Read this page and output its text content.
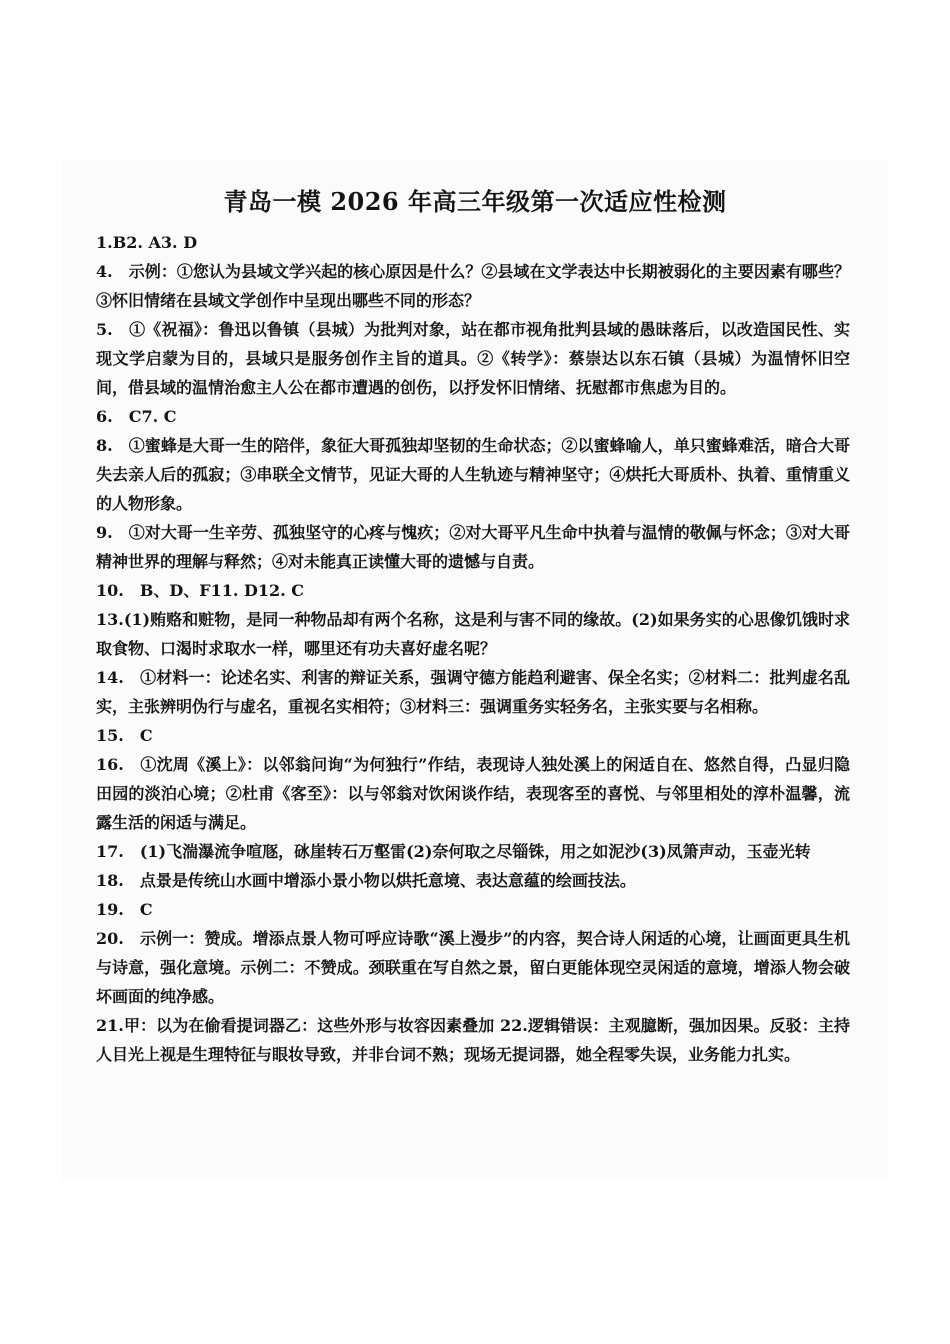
青岛一模 2026 年高三年级第一次适应性检测

1.B2. A3. D

4.　示例：①您认为县域文学兴起的核心原因是什么？②县域在文学表达中长期被弱化的主要因素有哪些？③怀旧情绪在县域文学创作中呈现出哪些不同的形态？

5.　①《祝福》：鲁迅以鲁镇（县城）为批判对象，站在都市视角批判县域的愚昧落后，以改造国民性、实现文学启蒙为目的，县域只是服务创作主旨的道具。②《转学》：蔡崇达以东石镇（县城）为温情怀旧空间，借县域的温情治愈主人公在都市遭遇的创伤，以抒发怀旧情绪、抚慰都市焦虑为目的。

6.　C7. C

8.　①蜜蜂是大哥一生的陪伴，象征大哥孤独却坚韧的生命状态；②以蜜蜂喻人，单只蜜蜂难活，暗合大哥失去亲人后的孤寂；③串联全文情节，见证大哥的人生轨迹与精神坚守；④烘托大哥质朴、执着、重情重义的人物形象。

9.　①对大哥一生辛劳、孤独坚守的心疼与愧疚；②对大哥平凡生命中执着与温情的敬佩与怀念；③对大哥精神世界的理解与释然；④对未能真正读懂大哥的遗憾与自责。

10.　B、D、F11. D12. C

13.(1)贿赂和赃物，是同一种物品却有两个名称，这是利与害不同的缘故。(2)如果务实的心思像饥饿时求取食物、口渴时求取水一样，哪里还有功夫喜好虚名呢？

14.　①材料一：论述名实、利害的辩证关系，强调守德方能趋利避害、保全名实；②材料二：批判虚名乱实，主张辨明伪行与虚名，重视名实相符；③材料三：强调重务实轻务名，主张实要与名相称。

15.　C

16.　①沈周《溪上》：以邻翁问询“为何独行”作结，表现诗人独处溪上的闲适自在、悠然自得，凸显归隐田园的淡泊心境；②杜甫《客至》：以与邻翁对饮闲谈作结，表现客至的喜悦、与邻里相处的淳朴温馨，流露生活的闲适与满足。

17.　(1)飞湍瀑流争喧豗，砯崖转石万壑雷(2)奈何取之尽锱铢，用之如泥沙(3)凤箫声动，玉壶光转

18.　点景是传统山水画中增添小景小物以烘托意境、表达意蕴的绘画技法。

19.　C

20.　示例一：赞成。增添点景人物可呼应诗歌“溪上漫步”的内容，契合诗人闲适的心境，让画面更具生机与诗意，强化意境。示例二：不赞成。颈联重在写自然之景，留白更能体现空灵闲适的意境，增添人物会破坏画面的纯净感。

21.甲：以为在偷看提词器乙：这些外形与妆容因素叠加 22.逻辑错误：主观臆断，强加因果。反驳：主持人目光上视是生理特征与眼妆导致，并非台词不熟；现场无提词器，她全程零失误，业务能力扎实。
